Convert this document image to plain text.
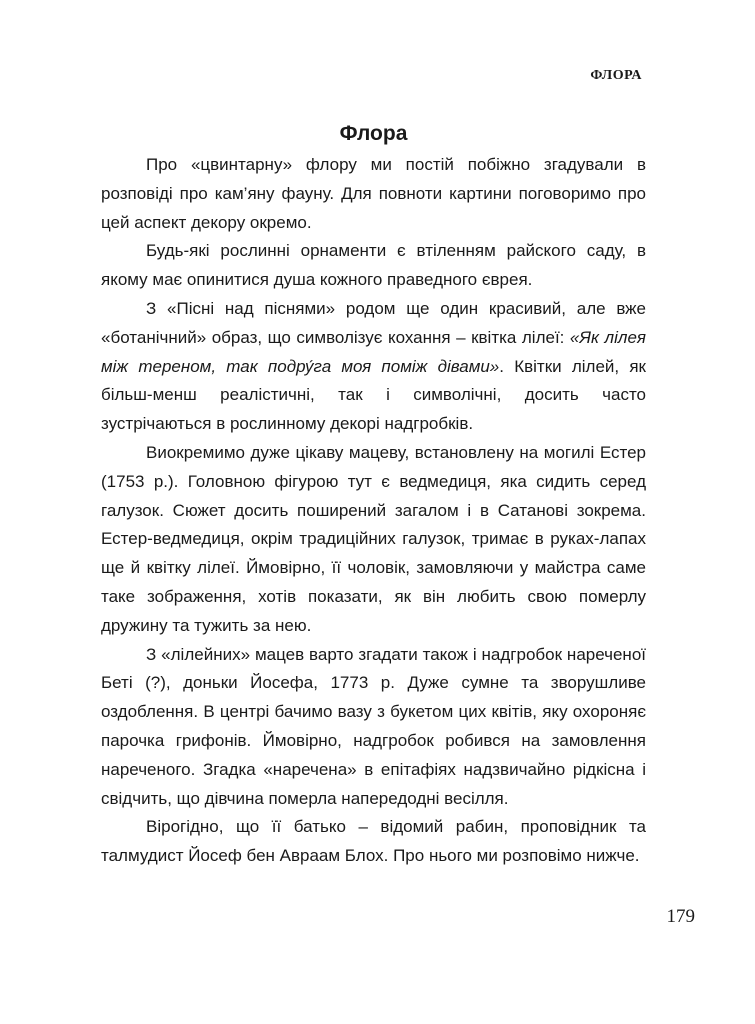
ФЛОРА
Флора

Про «цвинтарну» флору ми постій побіжно згадували в розповіді про кам’яну фауну. Для повноти картини поговоримо про цей аспект декору окремо.

Будь-які рослинні орнаменти є втіленням райского саду, в якому має опинитися душа кожного праведного єврея.

З «Пісні над піснями» родом ще один красивий, але вже «ботанічний» образ, що символізує кохання – квітка лілеї: «Як лілея між тереном, так подру́га моя поміж дівами». Квітки лілей, як більш-менш реалістичні, так і символічні, досить часто зустрічаються в рослинному декорі надгробків.

Виокремимо дуже цікаву мацеву, встановлену на могилі Естер (1753 р.). Головною фігурою тут є ведмедиця, яка сидить серед галузок. Сюжет досить поширений загалом і в Сатанові зокрема. Естер-ведмедиця, окрім традиційних галузок, тримає в руках-лапах ще й квітку лілеї. Ймовірно, її чоловік, замовляючи у майстра саме таке зображення, хотів показати, як він любить свою померлу дружину та тужить за нею.

З «лілейних» мацев варто згадати також і надгробок нареченої Беті (?), доньки Йосефа, 1773 р. Дуже сумне та зворушливе оздоблення. В центрі бачимо вазу з букетом цих квітів, яку охороняє парочка грифонів. Ймовірно, надгробок робився на замовлення нареченого. Згадка «наречена» в епітафіях надзвичайно рідкісна і свідчить, що дівчина померла напередодні весілля.

Вірогідно, що її батько – відомий рабин, проповідник та талмудист Йосеф бен Авраам Блох. Про нього ми розповімо нижче.

179
